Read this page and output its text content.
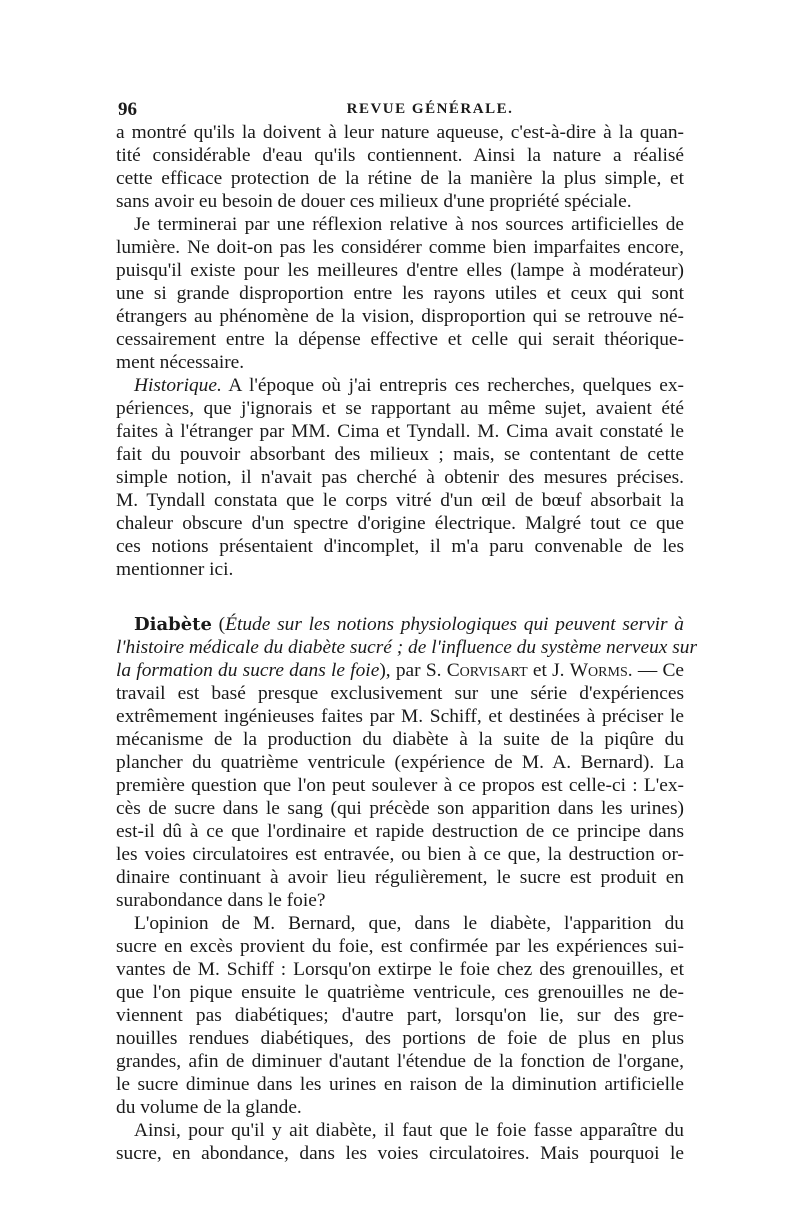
96	REVUE GÉNÉRALE.
a montré qu'ils la doivent à leur nature aqueuse, c'est-à-dire à la quan-
tité considérable d'eau qu'ils contiennent. Ainsi la nature a réalisé
cette efficace protection de la rétine de la manière la plus simple, et
sans avoir eu besoin de douer ces milieux d'une propriété spéciale.
Je terminerai par une réflexion relative à nos sources artificielles de
lumière. Ne doit-on pas les considérer comme bien imparfaites encore,
puisqu'il existe pour les meilleures d'entre elles (lampe à modérateur)
une si grande disproportion entre les rayons utiles et ceux qui sont
étrangers au phénomène de la vision, disproportion qui se retrouve né-
cessairement entre la dépense effective et celle qui serait théorique-
ment nécessaire.
Historique. A l'époque où j'ai entrepris ces recherches, quelques ex-
périences, que j'ignorais et se rapportant au même sujet, avaient été
faites à l'étranger par MM. Cima et Tyndall. M. Cima avait constaté le
fait du pouvoir absorbant des milieux ; mais, se contentant de cette
simple notion, il n'avait pas cherché à obtenir des mesures précises.
M. Tyndall constata que le corps vitré d'un œil de bœuf absorbait la
chaleur obscure d'un spectre d'origine électrique. Malgré tout ce que
ces notions présentaient d'incomplet, il m'a paru convenable de les
mentionner ici.
Diabète (Étude sur les notions physiologiques qui peuvent servir à
l'histoire médicale du diabète sucré ; de l'influence du système nerveux sur
la formation du sucre dans le foie), par S. Corvisart et J. Worms. — Ce
travail est basé presque exclusivement sur une série d'expériences
extrêmement ingénieuses faites par M. Schiff, et destinées à préciser le
mécanisme de la production du diabète à la suite de la piqûre du
plancher du quatrième ventricule (expérience de M. A. Bernard). La
première question que l'on peut soulever à ce propos est celle-ci : L'ex-
cès de sucre dans le sang (qui précède son apparition dans les urines)
est-il dû à ce que l'ordinaire et rapide destruction de ce principe dans
les voies circulatoires est entravée, ou bien à ce que, la destruction or-
dinaire continuant à avoir lieu régulièrement, le sucre est produit en
surabondance dans le foie?
L'opinion de M. Bernard, que, dans le diabète, l'apparition du
sucre en excès provient du foie, est confirmée par les expériences sui-
vantes de M. Schiff : Lorsqu'on extirpe le foie chez des grenouilles, et
que l'on pique ensuite le quatrième ventricule, ces grenouilles ne de-
viennent pas diabétiques; d'autre part, lorsqu'on lie, sur des gre-
nouilles rendues diabétiques, des portions de foie de plus en plus
grandes, afin de diminuer d'autant l'étendue de la fonction de l'organe,
le sucre diminue dans les urines en raison de la diminution artificielle
du volume de la glande.
Ainsi, pour qu'il y ait diabète, il faut que le foie fasse apparaître du
sucre, en abondance, dans les voies circulatoires. Mais pourquoi le
